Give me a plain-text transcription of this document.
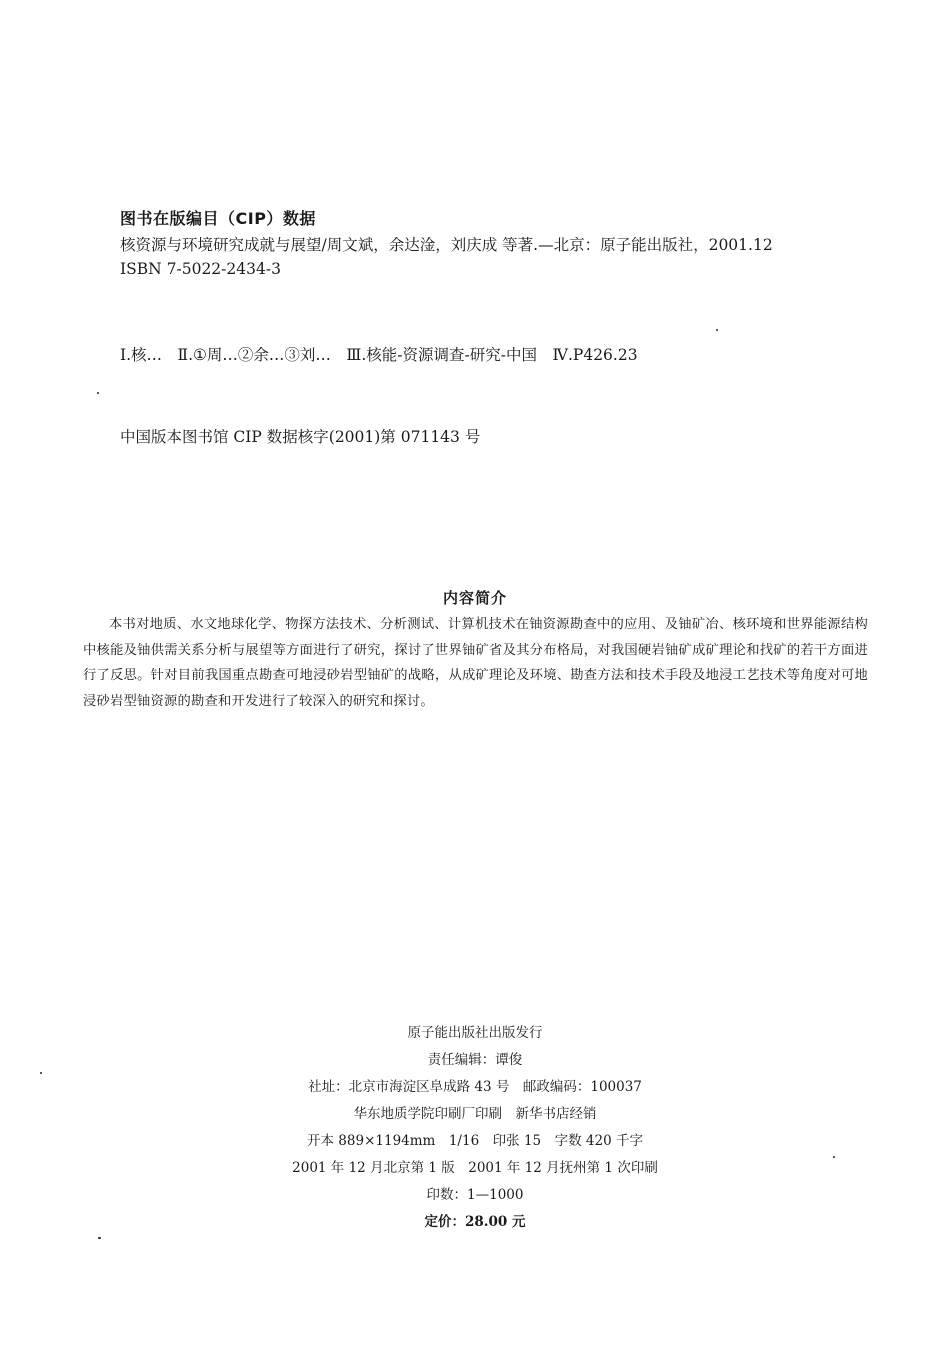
图书在版编目（CIP）数据
核资源与环境研究成就与展望/周文斌，余达淦，刘庆成 等著.—北京：原子能出版社，2001.12
ISBN 7-5022-2434-3
Ⅰ.核…　Ⅱ.①周…②余…③刘…　Ⅲ.核能-资源调查-研究-中国　Ⅳ.P426.23
中国版本图书馆 CIP 数据核字(2001)第 071143 号
内容简介
本书对地质、水文地球化学、物探方法技术、分析测试、计算机技术在铀资源勘查中的应用、及铀矿冶、核环境和世界能源结构中核能及铀供需关系分析与展望等方面进行了研究，探讨了世界铀矿省及其分布格局，对我国硬岩铀矿成矿理论和找矿的若干方面进行了反思。针对目前我国重点勘查可地浸砂岩型铀矿的战略，从成矿理论及环境、勘查方法和技术手段及地浸工艺技术等角度对可地浸砂岩型铀资源的勘查和开发进行了较深入的研究和探讨。
原子能出版社出版发行
责任编辑：谭俊
社址：北京市海淀区阜成路 43 号　邮政编码：100037
华东地质学院印刷厂印刷　新华书店经销
开本 889×1194mm　1/16　印张 15　字数 420 千字
2001 年 12 月北京第 1 版　2001 年 12 月抚州第 1 次印刷
印数：1—1000
定价：28.00 元
